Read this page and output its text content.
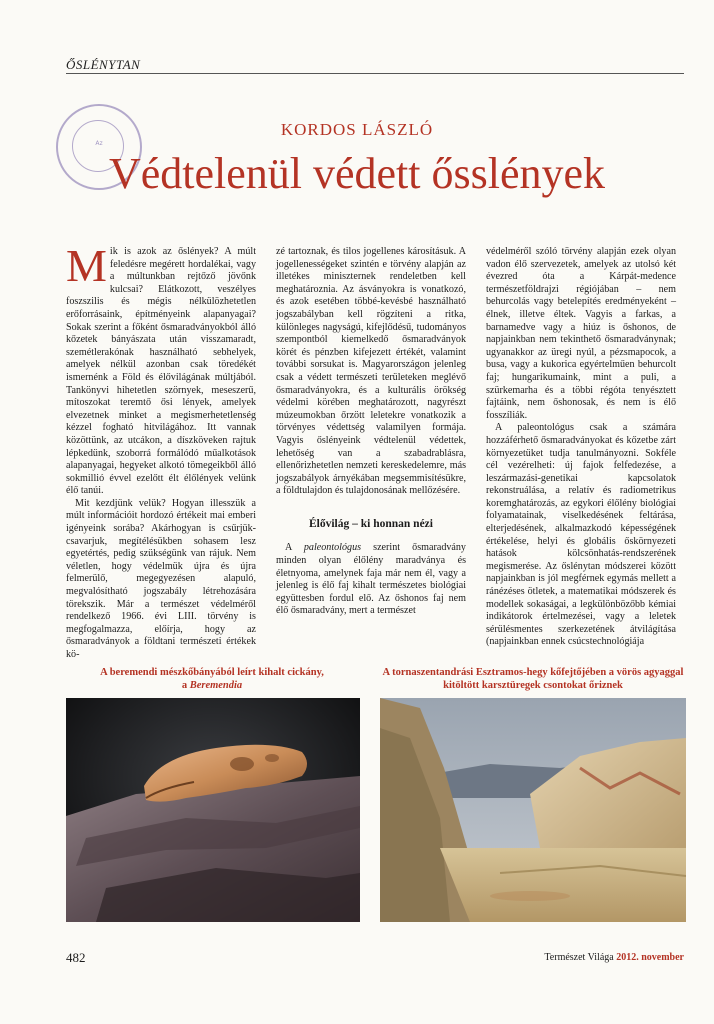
ŐSLÉNYTAN
Az
KORDOS LÁSZLÓ
Védtelenül védett ősslények

Mik is azok az őslények? A múlt feledésre megérett hordalékai, vagy a múltunkban rejtőző jövőnk kulcsai? Elátkozott, veszélyes foszszilis és mégis nélkülözhetetlen erőforrásaink, építményeink alapanyagai? Sokak szerint a főként ősmaradványokból álló kőzetek bányászata után visszamaradt, szemétlerakónak használható sebhelyek, amelyek nélkül azonban csak töredékét ismernénk a Föld és élővilágának múltjából. Tankönyvi hihetetlen szörnyek, meseszerű, mítoszokat teremtő ősi lények, amelyek elvezetnek minket a megismerhetetlenség kézzel fogható hitvilágához. Itt vannak közöttünk, az utcákon, a díszköveken rajtuk lépkedünk, szoborrá formálódó műalkotások alapanyagai, hegyeket alkotó tömegeikből álló sokmillió évvel ezelőtt élt élőlények velünk élő tanúi.

Mit kezdjünk velük? Hogyan illesszük a múlt információit hordozó értékeit mai emberi igényeink sorába? Akárhogyan is csűrjük-csavarjuk, megítélésükben sohasem lesz egyetértés, pedig szükségünk van rájuk. Nem véletlen, hogy védelmük újra és újra felmerülő, megegyezésen alapuló, megvalósítható jogszabály létrehozására törekszik. Már a természet védelméről rendelkező 1966. évi LIII. törvény is megfogalmazza, előírja, hogy az ősmaradványok a földtani természeti értékek kö-

zé tartoznak, és tilos jogellenes károsításuk. A jogellenességeket szintén e törvény alapján az illetékes miniszternek rendeletben kell meghatároznia. Az ásványokra is vonatkozó, és azok esetében többé-kevésbé használható jogszabályban kell rögzíteni a ritka, különleges nagyságú, kifejlődésű, tudományos szempontból kiemelkedő ősmaradványok körét és pénzben kifejezett értékét, valamint további sorsukat is. Magyarországon jelenleg csak a védett természeti területeken meglévő ősmaradványokra, és a kulturális örökség védelmi körében meghatározott, nagyrészt múzeumokban őrzött leletekre vonatkozik a törvényes védettség valamilyen formája. Vagyis őslényeink védtelenül védettek, lehetőség van a szabadrablásra, ellenőrizhetetlen nemzeti kereskedelemre, más jogszabályok árnyékában megsemmisítésükre, a földtulajdon és tulajdonosának mellőzésére.

Élővilág – ki honnan nézi

A paleontológus szerint ősmaradvány minden olyan élőlény maradványa és életnyoma, amelynek faja már nem él, vagy a jelenleg is élő faj kihalt természetes biológiai együttesben fordul elő. Az őshonos faj nem élő ősmaradvány, mert a természet

védelméről szóló törvény alapján ezek olyan vadon élő szervezetek, amelyek az utolsó két évezred óta a Kárpát-medence természetföldrajzi régiójában – nem behurcolás vagy betelepítés eredményeként – élnek, illetve éltek. Vagyis a farkas, a barnamedve vagy a hiúz is őshonos, de napjainkban nem tekinthető ősmaradványnak; ugyanakkor az üregi nyúl, a pézsmapocok, a busa, vagy a kukorica egyértelműen behurcolt faj; hungarikumaink, mint a puli, a szürkemarha és a többi régóta tenyésztett fajtáink, nem őshonosak, és nem is élő fosszíliák.

A paleontológus csak a számára hozzáférhető ősmaradványokat és kőzetbe zárt környezetüket tudja tanulmányozni. Sokféle cél vezérelheti: új fajok felfedezése, a leszármazási-genetikai kapcsolatok rekonstruálása, a relatív és radiometrikus koremghatározás, az egykori élőlény biológiai folyamatainak, viselkedésének feltárása, elterjedésének, alkalmazkodó képességének értékelése, helyi és globális őskörnyezeti hatások kölcsönhatás-rendszerének megismerése. Az őslénytan módszerei között napjainkban is jól megférnek egymás mellett a ránézéses ötletek, a matematikai módszerek és modellek sokaságai, a legkülönbözőbb kémiai indikátorok értelmezései, vagy a leletek sérülésmentes szerkezetének átvilágítása (napjainkban ennek csúcstechnológiája

A beremendi mészkőbányából leírt kihalt cickány,
a Beremendia
A tornaszentandrási Esztramos-hegy kőfejtőjében a vörös agyaggal kitöltött karsztüregek csontokat őriznek
482	Természet Világa 2012. november
